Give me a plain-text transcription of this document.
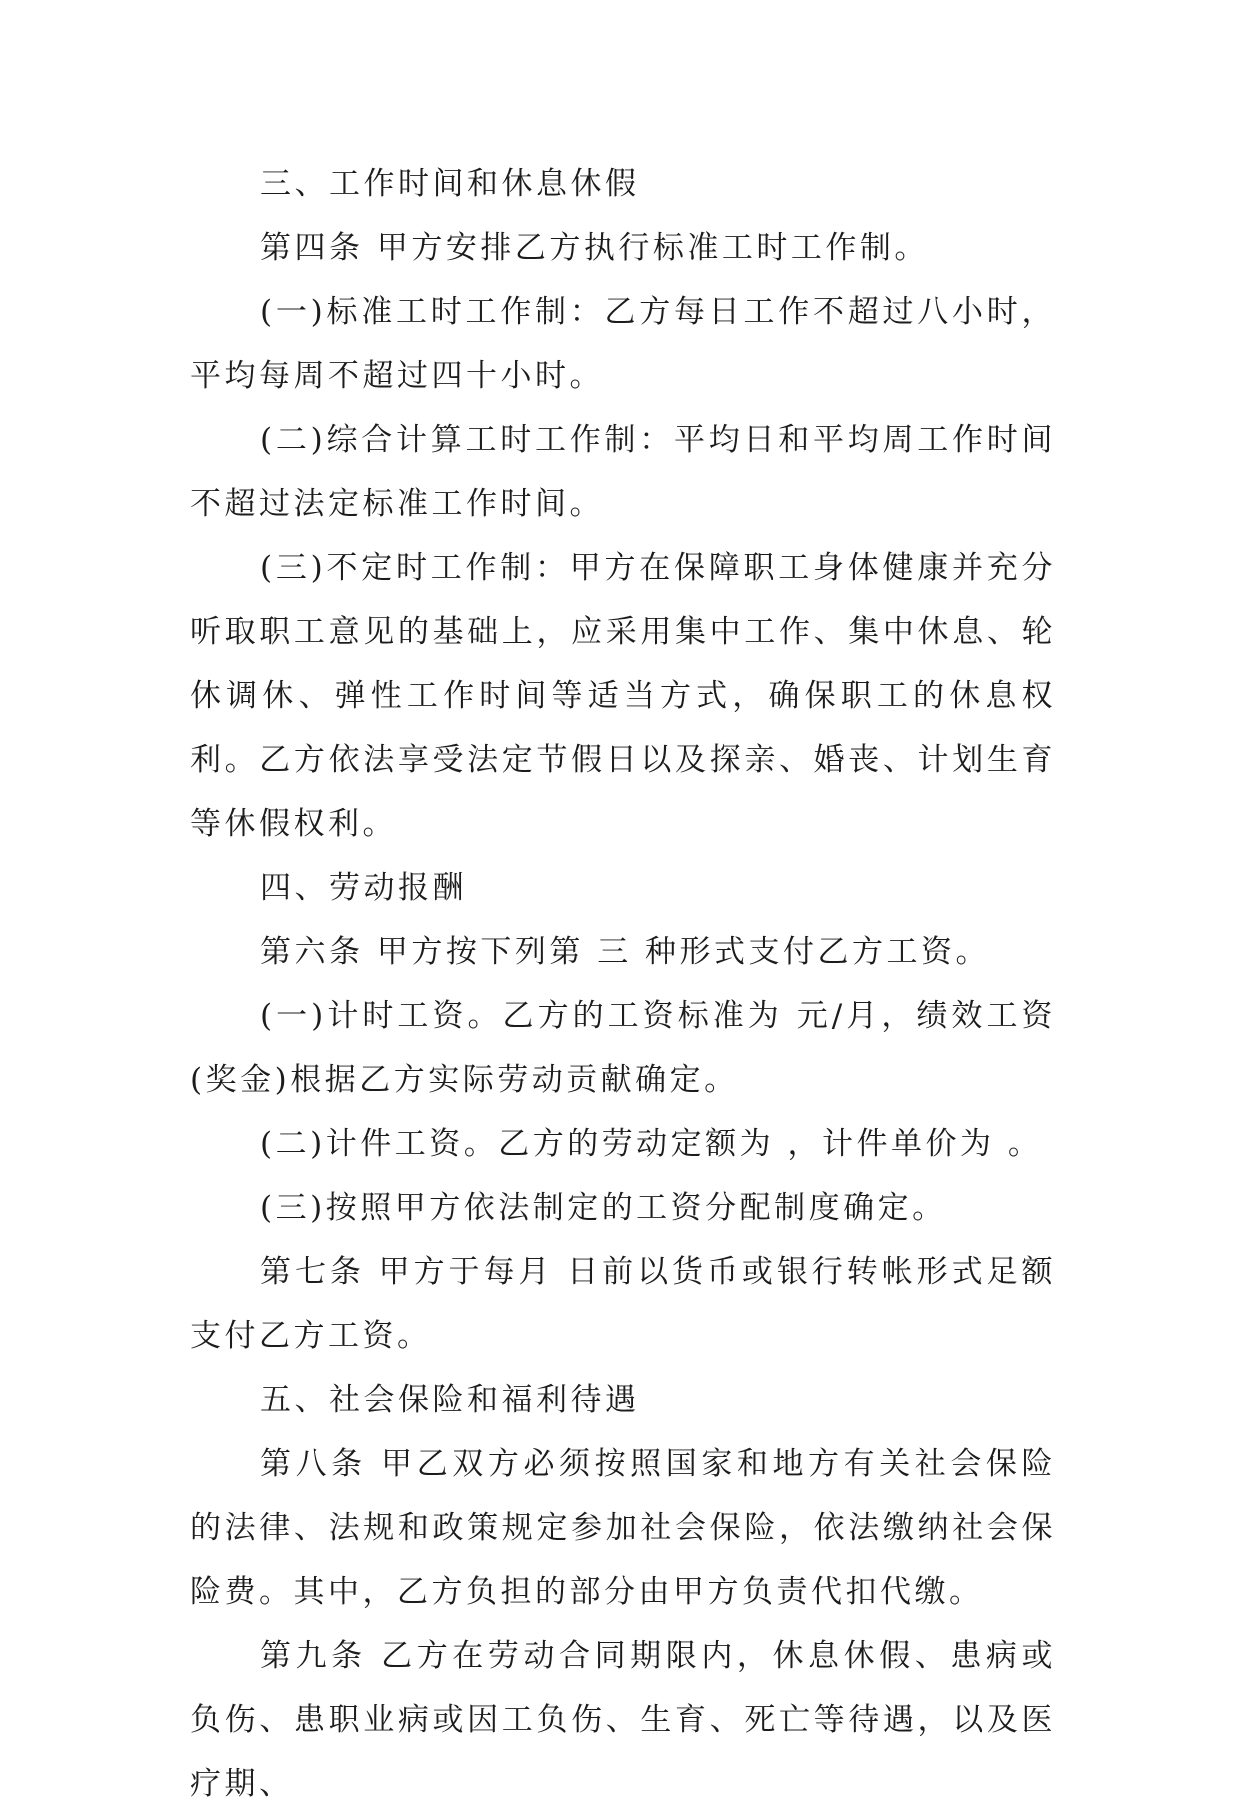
三、工作时间和休息休假

第四条 甲方安排乙方执行标准工时工作制。

(一)标准工时工作制：乙方每日工作不超过八小时，平均每周不超过四十小时。

(二)综合计算工时工作制：平均日和平均周工作时间不超过法定标准工作时间。

(三)不定时工作制：甲方在保障职工身体健康并充分听取职工意见的基础上，应采用集中工作、集中休息、轮休调休、弹性工作时间等适当方式，确保职工的休息权利。乙方依法享受法定节假日以及探亲、婚丧、计划生育等休假权利。

四、劳动报酬

第六条 甲方按下列第 三 种形式支付乙方工资。

(一)计时工资。乙方的工资标准为 元/月，绩效工资(奖金)根据乙方实际劳动贡献确定。

(二)计件工资。乙方的劳动定额为 ，计件单价为 。

(三)按照甲方依法制定的工资分配制度确定。

第七条 甲方于每月 日前以货币或银行转帐形式足额支付乙方工资。

五、社会保险和福利待遇

第八条 甲乙双方必须按照国家和地方有关社会保险的法律、法规和政策规定参加社会保险，依法缴纳社会保险费。其中，乙方负担的部分由甲方负责代扣代缴。

第九条 乙方在劳动合同期限内，休息休假、患病或负伤、患职业病或因工负伤、生育、死亡等待遇，以及医疗期、
